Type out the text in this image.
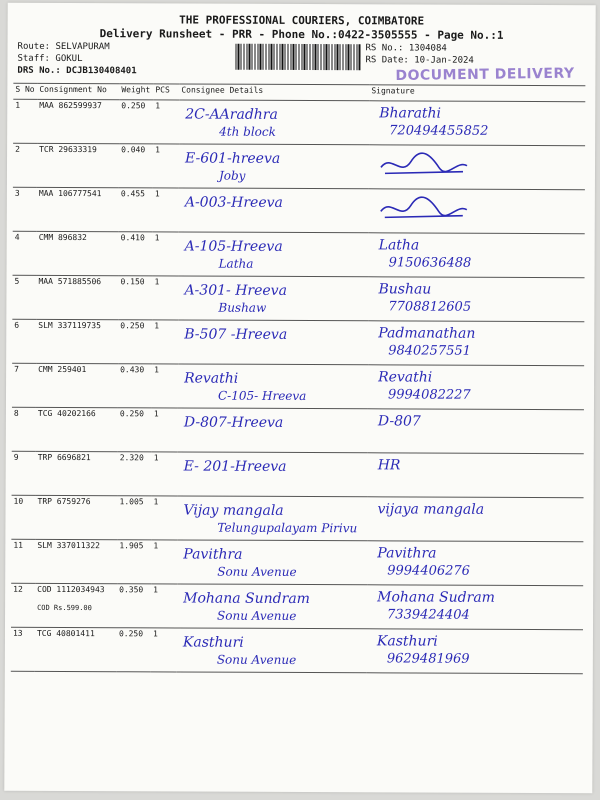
THE PROFESSIONAL COURIERS, COIMBATORE
Delivery Runsheet - PRR - Phone No.:0422-3505555 - Page No.:1
Route: SELVAPURAM
Staff: GOKUL
DRS No.: DCJB130408401
RS No.: 1304084
RS Date: 10-Jan-2024
DOCUMENT DELIVERY
S No	Consignment No	Weight	PCS	Consignee Details	Signature
1	MAA 862599937	0.250	1	2C-AAradhra
4th block	Bharathi
720494455852

2	TCR 29633319	0.040	1	E-601-hreeva
Joby

3	MAA 106777541	0.455	1	A-003-Hreeva

4	CMM 896832	0.410	1	A-105-Hreeva
Latha	Latha
9150636488

5	MAA 571885506	0.150	1	A-301- Hreeva
Bushaw	Bushau
7708812605

6	SLM 337119735	0.250	1	B-507 -Hreeva	Padmanathan
9840257551

7	CMM 259401	0.430	1	Revathi
C-105- Hreeva	Revathi
9994082227

8	TCG 40202166	0.250	1	D-807-Hreeva	D-807

9	TRP 6696821	2.320	1	E- 201-Hreeva	HR

10	TRP 6759276	1.005	1	Vijay mangala
Telungupalayam Pirivu	vijaya mangala

11	SLM 337011322	1.905	1	Pavithra
Sonu Avenue	Pavithra
9994406276

12	COD 1112034943
COD Rs.599.00	0.350	1	Mohana Sundram
Sonu Avenue	Mohana Sudram
7339424404

13	TCG 40801411	0.250	1	Kasthuri
Sonu Avenue	Kasthuri
9629481969
